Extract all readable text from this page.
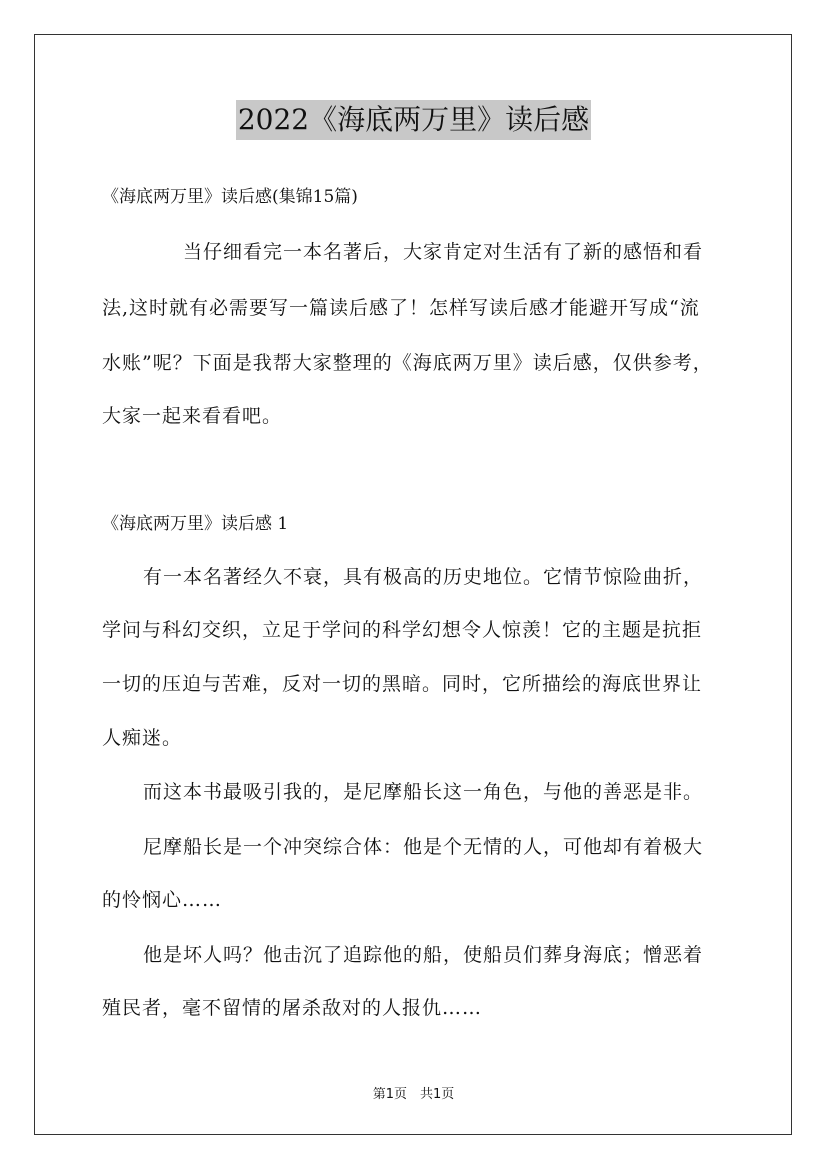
2022《海底两万里》读后感
《海底两万里》读后感(集锦15篇)
当仔细看完一本名著后，大家肯定对生活有了新的感悟和看
法,这时就有必需要写一篇读后感了！怎样写读后感才能避开写成“流
水账”呢？下面是我帮大家整理的《海底两万里》读后感，仅供参考，
大家一起来看看吧。
《海底两万里》读后感 1
有一本名著经久不衰，具有极高的历史地位。它情节惊险曲折，
学问与科幻交织，立足于学问的科学幻想令人惊羡！它的主题是抗拒
一切的压迫与苦难，反对一切的黑暗。同时，它所描绘的海底世界让
人痴迷。
而这本书最吸引我的，是尼摩船长这一角色，与他的善恶是非。
尼摩船长是一个冲突综合体：他是个无情的人，可他却有着极大
的怜悯心……
他是坏人吗？他击沉了追踪他的船，使船员们葬身海底；憎恶着
殖民者，毫不留情的屠杀敌对的人报仇……
第1页　共1页
